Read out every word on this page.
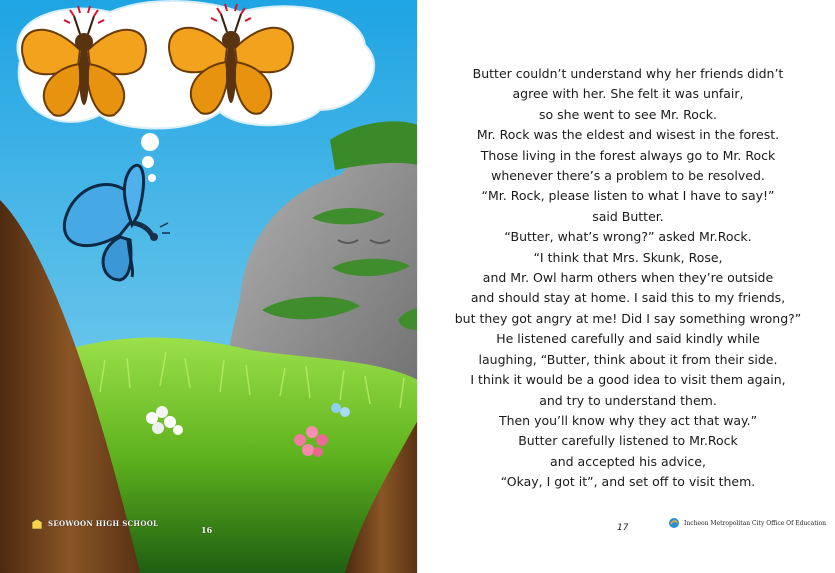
SEOWOON HIGH SCHOOL
16
Butter couldn’t understand why her friends didn’t
agree with her. She felt it was unfair,
so she went to see Mr. Rock.
Mr. Rock was the eldest and wisest in the forest.
Those living in the forest always go to Mr. Rock
whenever there’s a problem to be resolved.
“Mr. Rock, please listen to what I have to say!”
said Butter.
“Butter, what’s wrong?” asked Mr.Rock.
“I think that Mrs. Skunk, Rose,
and Mr. Owl harm others when they’re outside
and should stay at home. I said this to my friends,
but they got angry at me! Did I say something wrong?”
He listened carefully and said kindly while
laughing, “Butter, think about it from their side.
I think it would be a good idea to visit them again,
and try to understand them.
Then you’ll know why they act that way.”
Butter carefully listened to Mr.Rock
and accepted his advice,
“Okay, I got it”, and set off to visit them.
17	Incheon Metropolitan City Office Of Education
